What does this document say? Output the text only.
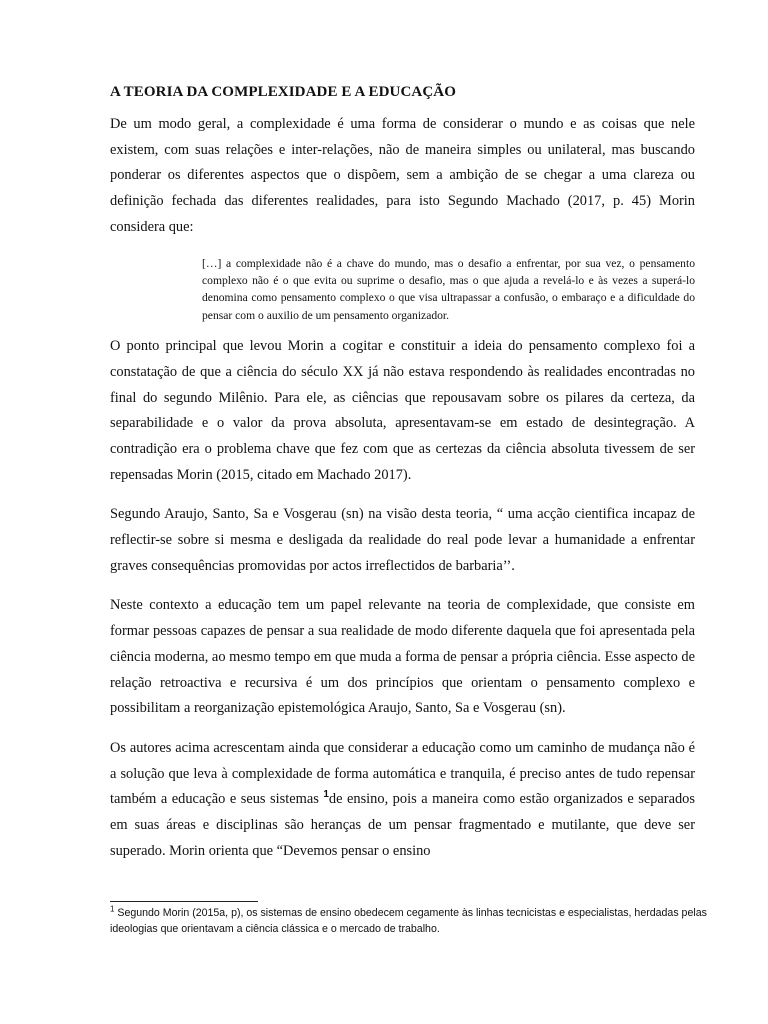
A TEORIA DA COMPLEXIDADE E A EDUCAÇÃO

De um modo geral, a complexidade é uma forma de considerar o mundo e as coisas que nele existem, com suas relações e inter-relações, não de maneira simples ou unilateral, mas buscando ponderar os diferentes aspectos que o dispõem, sem a ambição de se chegar a uma clareza ou definição fechada das diferentes realidades, para isto Segundo Machado (2017, p. 45) Morin considera que:

[…] a complexidade não é a chave do mundo, mas o desafio a enfrentar, por sua vez, o pensamento complexo não é o que evita ou suprime o desafio, mas o que ajuda a revelá-lo e às vezes a superá-lo denomina como pensamento complexo o que visa ultrapassar a confusão, o embaraço e a dificuldade do pensar com o auxilio de um pensamento organizador.

O ponto principal que levou Morin a cogitar e constituir a ideia do pensamento complexo foi a constatação de que a ciência do século XX já não estava respondendo às realidades encontradas no final do segundo Milênio. Para ele, as ciências que repousavam sobre os pilares da certeza, da separabilidade e o valor da prova absoluta, apresentavam-se em estado de desintegração. A contradição era o problema chave que fez com que as certezas da ciência absoluta tivessem de ser repensadas Morin (2015, citado em Machado 2017).

Segundo Araujo, Santo, Sa e Vosgerau (sn) na visão desta teoria, “ uma acção cientifica incapaz de reflectir-se sobre si mesma e desligada da realidade do real pode levar a humanidade a enfrentar graves consequências promovidas por actos irreflectidos de barbaria’’.

Neste contexto a educação tem um papel relevante na teoria de complexidade, que consiste em formar pessoas capazes de pensar a sua realidade de modo diferente daquela que foi apresentada pela ciência moderna, ao mesmo tempo em que muda a forma de pensar a própria ciência. Esse aspecto de relação retroactiva e recursiva é um dos princípios que orientam o pensamento complexo e possibilitam a reorganização epistemológica Araujo, Santo, Sa e Vosgerau (sn).

Os autores acima acrescentam ainda que considerar a educação como um caminho de mudança não é a solução que leva à complexidade de forma automática e tranquila, é preciso antes de tudo repensar também a educação e seus sistemas $^1$de ensino, pois a maneira como estão organizados e separados em suas áreas e disciplinas são heranças de um pensar fragmentado e mutilante, que deve ser superado. Morin orienta que “Devemos pensar o ensino

$^1$ Segundo Morin (2015a, p), os sistemas de ensino obedecem cegamente às linhas tecnicistas e especialistas, herdadas pelas ideologias que orientavam a ciência clássica e o mercado de trabalho.
